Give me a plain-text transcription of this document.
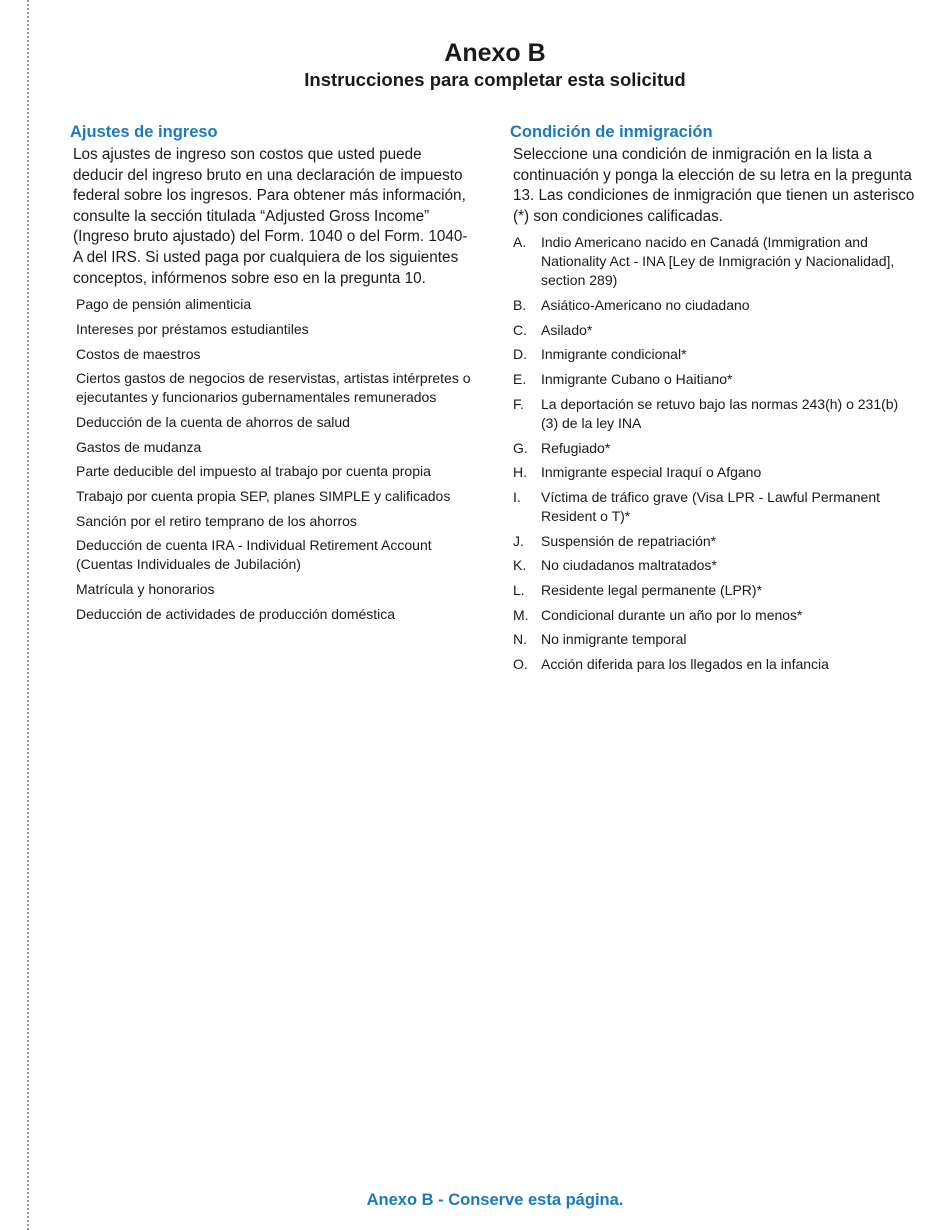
Anexo B
Instrucciones para completar esta solicitud
Ajustes de ingreso

Los ajustes de ingreso son costos que usted puede deducir del ingreso bruto en una declaración de impuesto federal sobre los ingresos. Para obtener más información, consulte la sección titulada “Adjusted Gross Income” (Ingreso bruto ajustado) del Form. 1040 o del Form. 1040-A del IRS. Si usted paga por cualquiera de los siguientes conceptos, infórmenos sobre eso en la pregunta 10.

Pago de pensión alimenticia
Intereses por préstamos estudiantiles
Costos de maestros
Ciertos gastos de negocios de reservistas, artistas intérpretes o ejecutantes y funcionarios gubernamentales remunerados
Deducción de la cuenta de ahorros de salud
Gastos de mudanza
Parte deducible del impuesto al trabajo por cuenta propia
Trabajo por cuenta propia SEP, planes SIMPLE y calificados
Sanción por el retiro temprano de los ahorros
Deducción de cuenta IRA - Individual Retirement Account (Cuentas Individuales de Jubilación)
Matrícula y honorarios
Deducción de actividades de producción doméstica
Condición de inmigración

Seleccione una condición de inmigración en la lista a continuación y ponga la elección de su letra en la pregunta 13. Las condiciones de inmigración que tienen un asterisco (*) son condiciones calificadas.

A.	Indio Americano nacido en Canadá (Immigration and Nationality Act - INA [Ley de Inmigración y Nacionalidad], section 289)
B.	Asiático-Americano no ciudadano
C.	Asilado*
D.	Inmigrante condicional*
E.	Inmigrante Cubano o Haitiano*
F.	La deportación se retuvo bajo las normas 243(h) o 231(b)(3) de la ley INA
G. Refugiado*
H.	Inmigrante especial Iraquí o Afgano
I.	Víctima de tráfico grave (Visa LPR - Lawful Permanent Resident o T)*
J.	Suspensión de repatriación*
K.	No ciudadanos maltratados*
L.	Residente legal permanente (LPR)*
M. Condicional durante un año por lo menos*
N.	No inmigrante temporal
O. Acción diferida para los llegados en la infancia
Anexo B - Conserve esta página.
